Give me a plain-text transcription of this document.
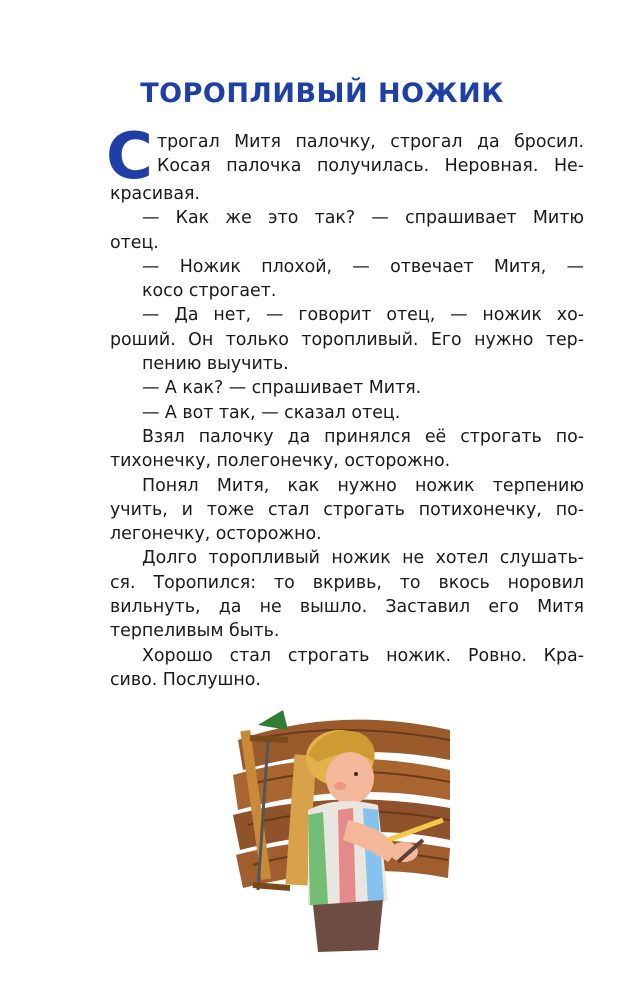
ТОРОПЛИВЫЙ НОЖИК
С трогал Митя палочку, строгал да бросил.
Косая палочка получилась. Неровная. Не-
красивая.
— Как же это так? — спрашивает Митю
отец.
— Ножик плохой, — отвечает Митя, —
косо строгает.
— Да нет, — говорит отец, — ножик хо-
роший. Он только торопливый. Его нужно тер-
пению выучить.
— А как? — спрашивает Митя.
— А вот так, — сказал отец.
Взял палочку да принялся её строгать по-
тихонечку, полегонечку, осторожно.
Понял Митя, как нужно ножик терпению
учить, и тоже стал строгать потихонечку, по-
легонечку, осторожно.
Долго торопливый ножик не хотел слушать-
ся. Торопился: то вкривь, то вкось норовил
вильнуть, да не вышло. Заставил его Митя
терпеливым быть.
Хорошо стал строгать ножик. Ровно. Кра-
сиво. Послушно.
